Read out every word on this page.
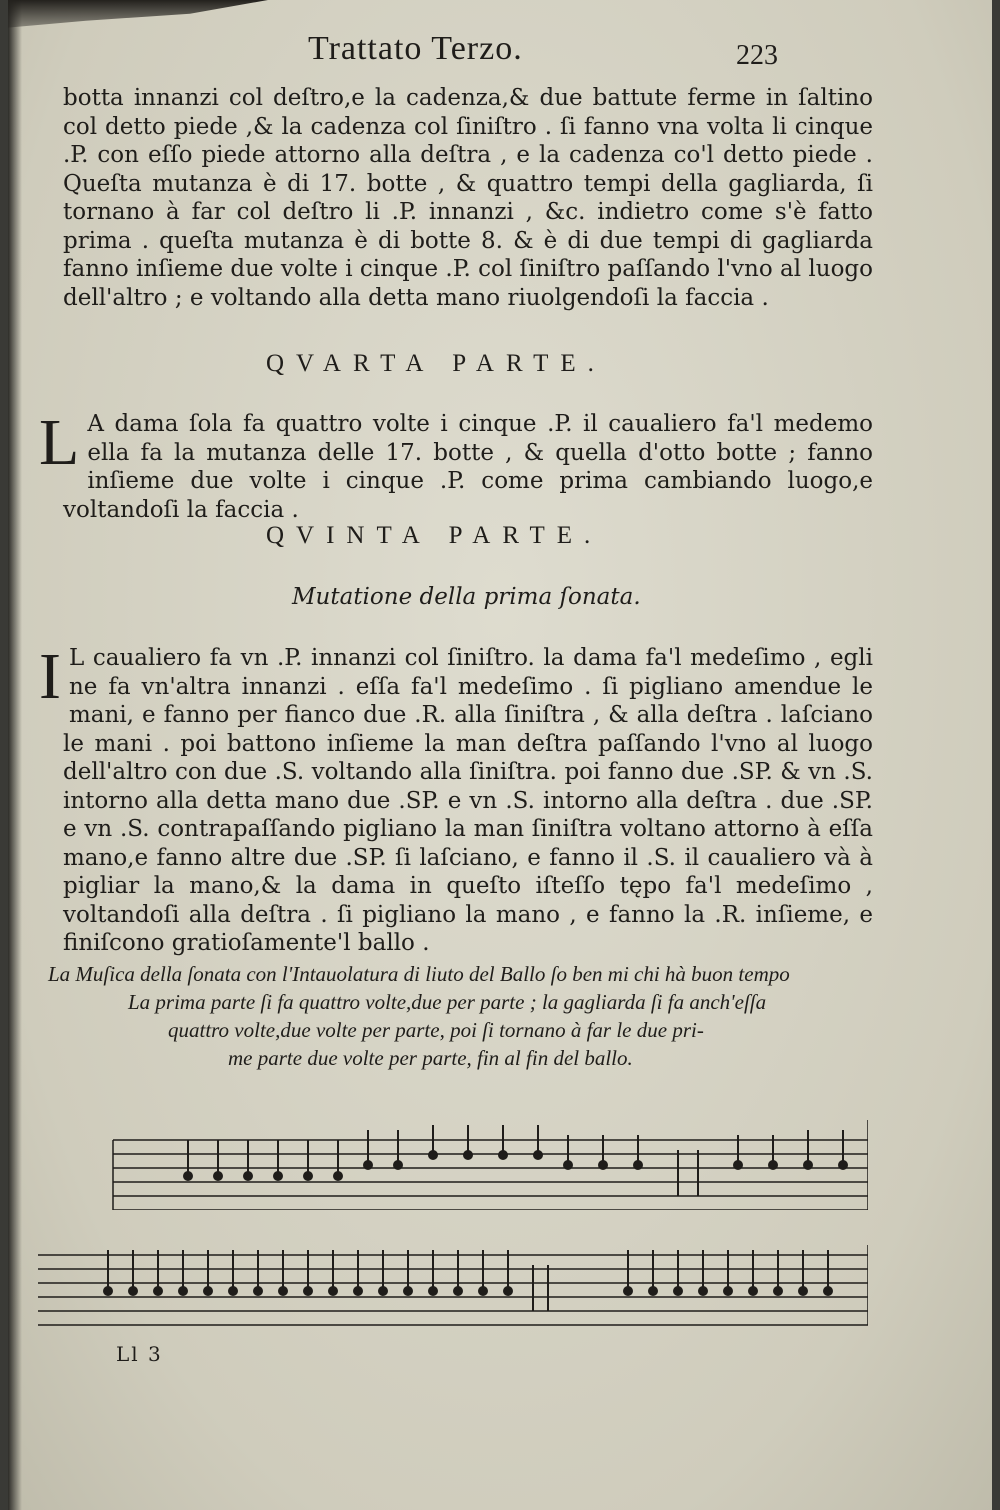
Trattato Terzo.	223

botta innanzi col deſtro,e la cadenza,& due battute ferme in ſaltino col detto piede ,& la cadenza col ſiniſtro . ſi fanno vna volta li cinque .P. con eſſo piede attorno alla deſtra , e la cadenza co'l detto piede . Queſta mutanza è di 17. botte , & quattro tempi della gagliarda, ſi tornano à far col deſtro li .P. innanzi , &c. indietro come s'è fatto prima . queſta mutanza è di botte 8. & è di due tempi di gagliarda fanno inſieme due volte i cinque .P. col ſiniſtro paſſando l'vno al luogo dell'altro ; e voltando alla detta mano riuolgendoſi la faccia .

QVARTA PARTE.
L A dama ſola fa quattro volte i cinque .P. il caualiero fa'l medemo ella fa la mutanza delle 17. botte , & quella d'otto botte ; fanno inſieme due volte i cinque .P. come prima cambiando luogo,e voltandoſi la faccia .

QVINTA PARTE.
Mutatione della prima ſonata.
I L caualiero fa vn .P. innanzi col ſiniſtro. la dama fa'l medeſimo , egli ne fa vn'altra innanzi . eſſa fa'l medeſimo . ſi pigliano amendue le mani, e fanno per fianco due .R. alla ſiniſtra , & alla deſtra . laſciano le mani . poi battono inſieme la man deſtra paſſando l'vno al luogo dell'altro con due .S. voltando alla ſiniſtra. poi fanno due .SP. & vn .S. intorno alla detta mano due .SP. e vn .S. intorno alla deſtra . due .SP. e vn .S. contrapaſſando pigliano la man ſiniſtra voltano attorno à eſſa mano,e fanno altre due .SP. ſi laſciano, e fanno il .S. il caualiero và à pigliar la mano,& la dama in queſto iſteſſo tępo fa'l medeſimo , voltandoſi alla deſtra . ſi pigliano la mano , e fanno la .R. inſieme, e finiſcono gratioſamente'l ballo .

La Muſica della ſonata con l'Intauolatura di liuto del Ballo ſo ben mi chi hà buon tempo
La prima parte ſi fa quattro volte,due per parte ; la gagliarda ſi fa anch'eſſa
quattro volte,due volte per parte, poi ſi tornano à far le due pri-
me parte due volte per parte, fin al fin del ballo.
Ll 3
